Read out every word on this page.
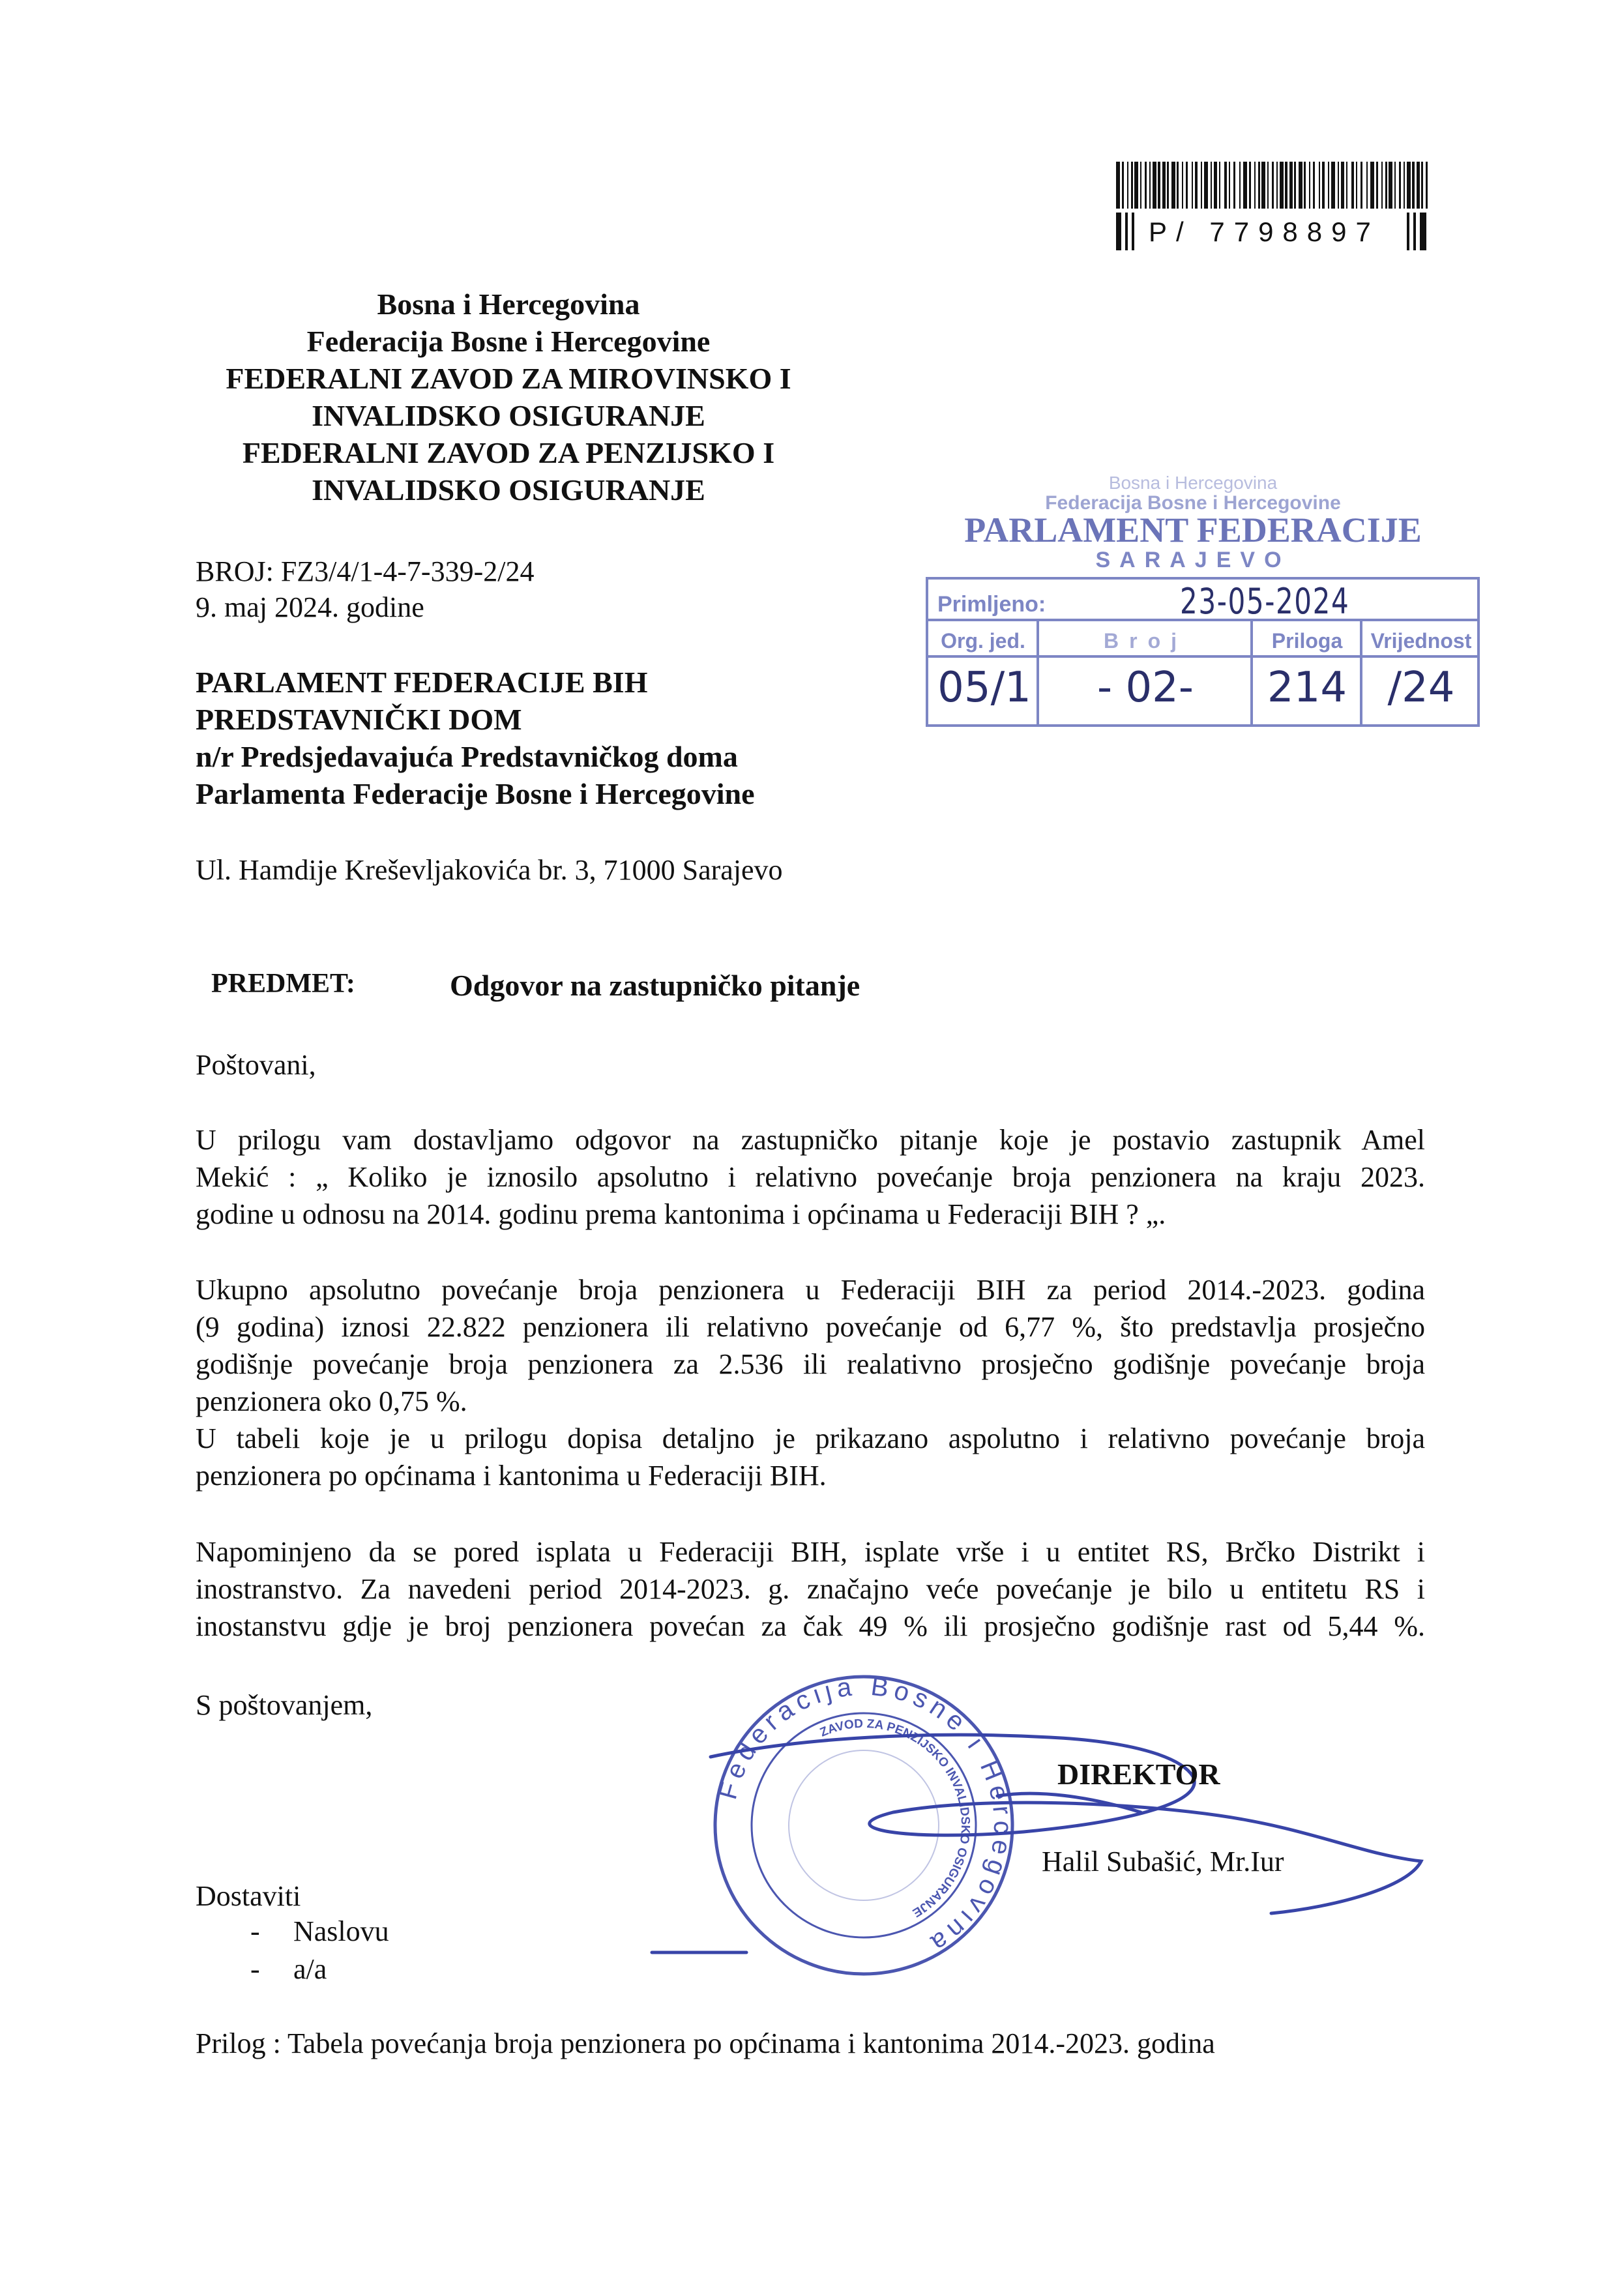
P/ 7798897
Bosna i Hercegovina
Federacija Bosne i Hercegovine
FEDERALNI ZAVOD ZA MIROVINSKO I
INVALIDSKO OSIGURANJE
FEDERALNI ZAVOD ZA PENZIJSKO I
INVALIDSKO OSIGURANJE
BROJ: FZ3/4/1-4-7-339-2/24
9. maj 2024. godine
Bosna i Hercegovina
Federacija Bosne i Hercegovine
PARLAMENT FEDERACIJE
SARAJEVO
Primljeno:	23-05-2024
Org. jed.	Broj	Priloga	Vrijednost
05/1	- 02-	214 /24
PARLAMENT FEDERACIJE BIH
PREDSTAVNIČKI DOM
n/r Predsjedavajuća Predstavničkog doma
Parlamenta Federacije Bosne i Hercegovine
Ul. Hamdije Kreševljakovića br. 3, 71000 Sarajevo
PREDMET:	Odgovor na zastupničko pitanje
Poštovani,
U prilogu vam dostavljamo odgovor na zastupničko pitanje koje je postavio zastupnik Amel
Mekić : „ Koliko je iznosilo apsolutno i relativno povećanje broja penzionera na kraju 2023.
godine u odnosu na 2014. godinu prema kantonima i općinama u Federaciji BIH ? „.
Ukupno apsolutno povećanje broja penzionera u Federaciji BIH za period 2014.-2023. godina
(9 godina) iznosi 22.822 penzionera ili relativno povećanje od 6,77 %, što predstavlja prosječno
godišnje povećanje broja penzionera za 2.536 ili realativno prosječno godišnje povećanje broja
penzionera oko 0,75 %.
U tabeli koje je u prilogu dopisa detaljno je prikazano aspolutno i relativno povećanje broja
penzionera po općinama i kantonima u Federaciji BIH.
Napominjeno da se pored isplata u Federaciji BIH, isplate vrše i u entitet RS, Brčko Distrikt i
inostranstvo. Za navedeni period 2014-2023. g. značajno veće povećanje je bilo u entitetu RS i
inostanstvu gdje je broj penzionera povećan za čak 49 % ili prosječno godišnje rast od 5,44 %.
S poštovanjem,
Federacija Bosne i Hercegovina
ZAVOD ZA PENZIJSKO INVALIDSKO OSIGURANJE
DIREKTOR
Halil Subašić, Mr.Iur
Dostaviti
- Naslovu
- a/a
Prilog : Tabela povećanja broja penzionera po općinama i kantonima 2014.-2023. godina
